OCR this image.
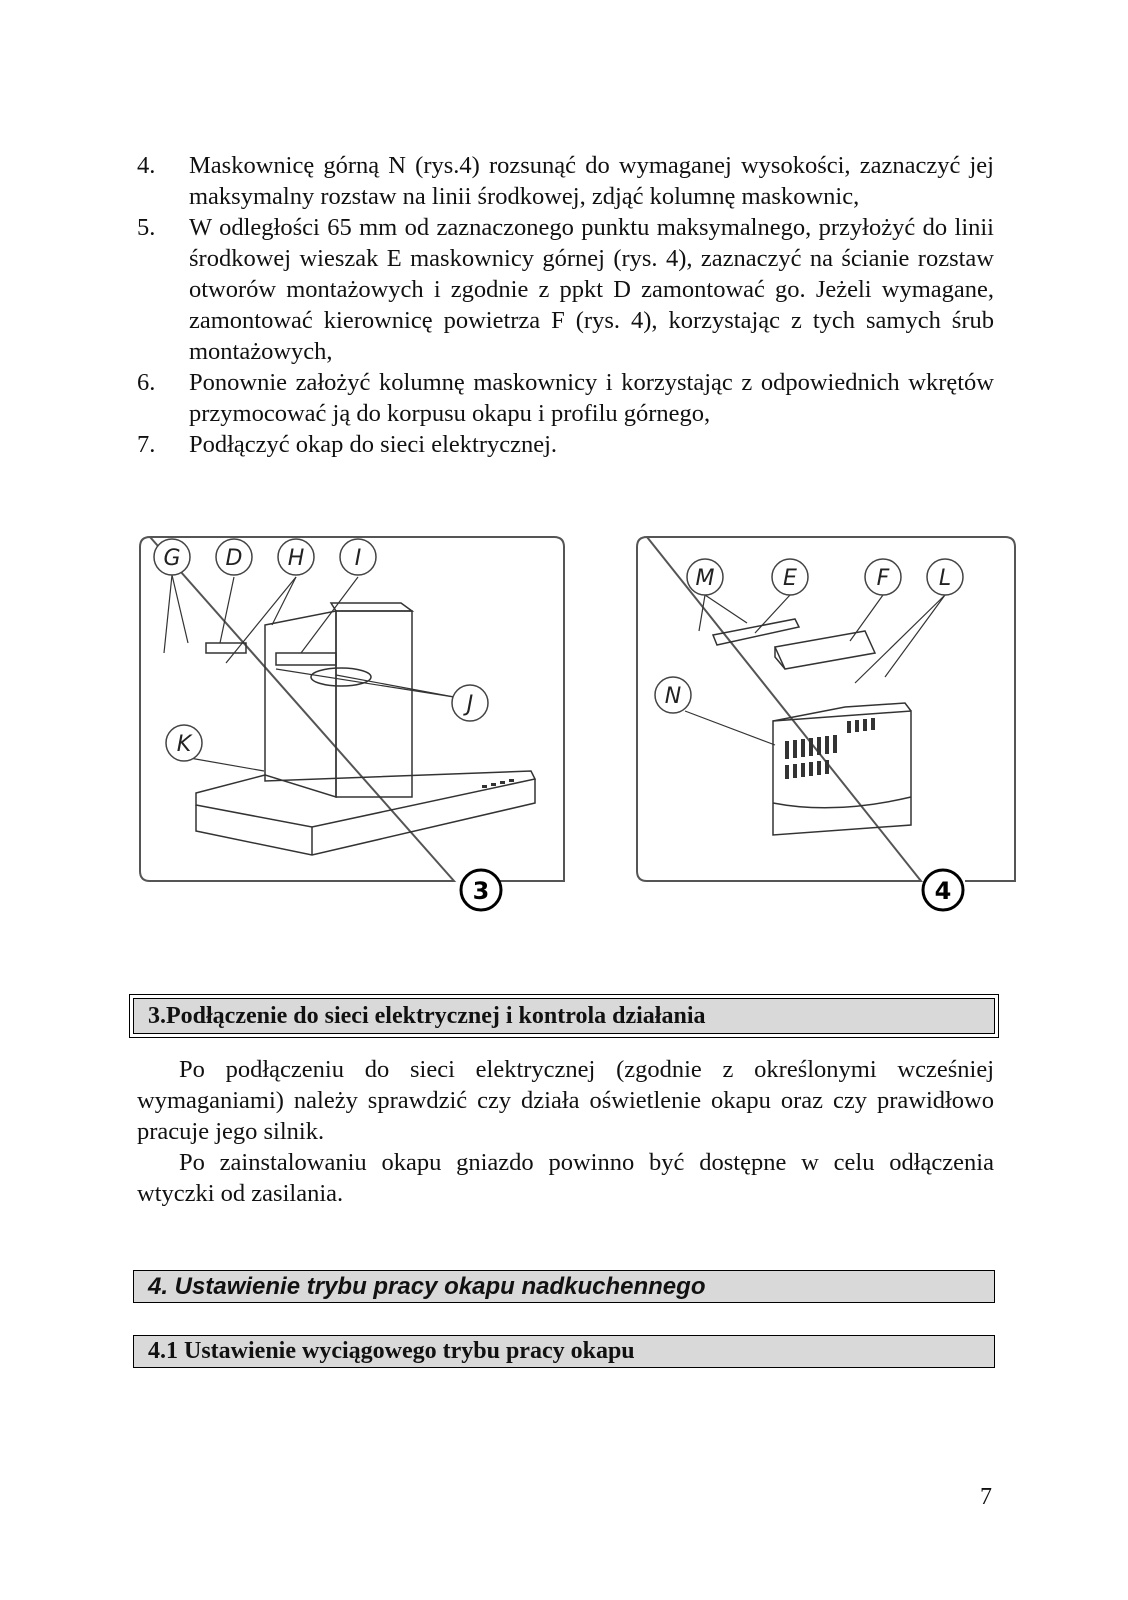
4.	Maskownicę górną N (rys.4) rozsunąć do wymaganej wysokości, zaznaczyć jej maksymalny rozstaw na linii środkowej, zdjąć kolumnę maskownic,
5.	W odległości 65 mm od zaznaczonego punktu maksymalnego, przyłożyć do linii środkowej wieszak E maskownicy górnej (rys. 4), zaznaczyć na ścianie rozstaw otworów montażowych i zgodnie z ppkt D zamontować go. Jeżeli wymagane, zamontować kierownicę powietrza F (rys. 4), korzystając z tych samych śrub montażowych,
6.	Ponownie założyć kolumnę maskownicy i korzystając z odpowiednich wkrętów przymocować ją do korpusu okapu i profilu górnego,
7.	Podłączyć okap do sieci elektrycznej.
G D H I
J
K
3
M	E	F L
N
4
3.Podłączenie do sieci elektrycznej i kontrola działania
Po podłączeniu do sieci elektrycznej (zgodnie z określonymi wcześniej wymaganiami) należy sprawdzić czy działa oświetlenie okapu oraz czy prawidłowo pracuje jego silnik.
Po zainstalowaniu okapu gniazdo powinno być dostępne w celu odłączenia wtyczki od zasilania.
4. Ustawienie trybu pracy okapu nadkuchennego
4.1 Ustawienie wyciągowego trybu pracy okapu
7
